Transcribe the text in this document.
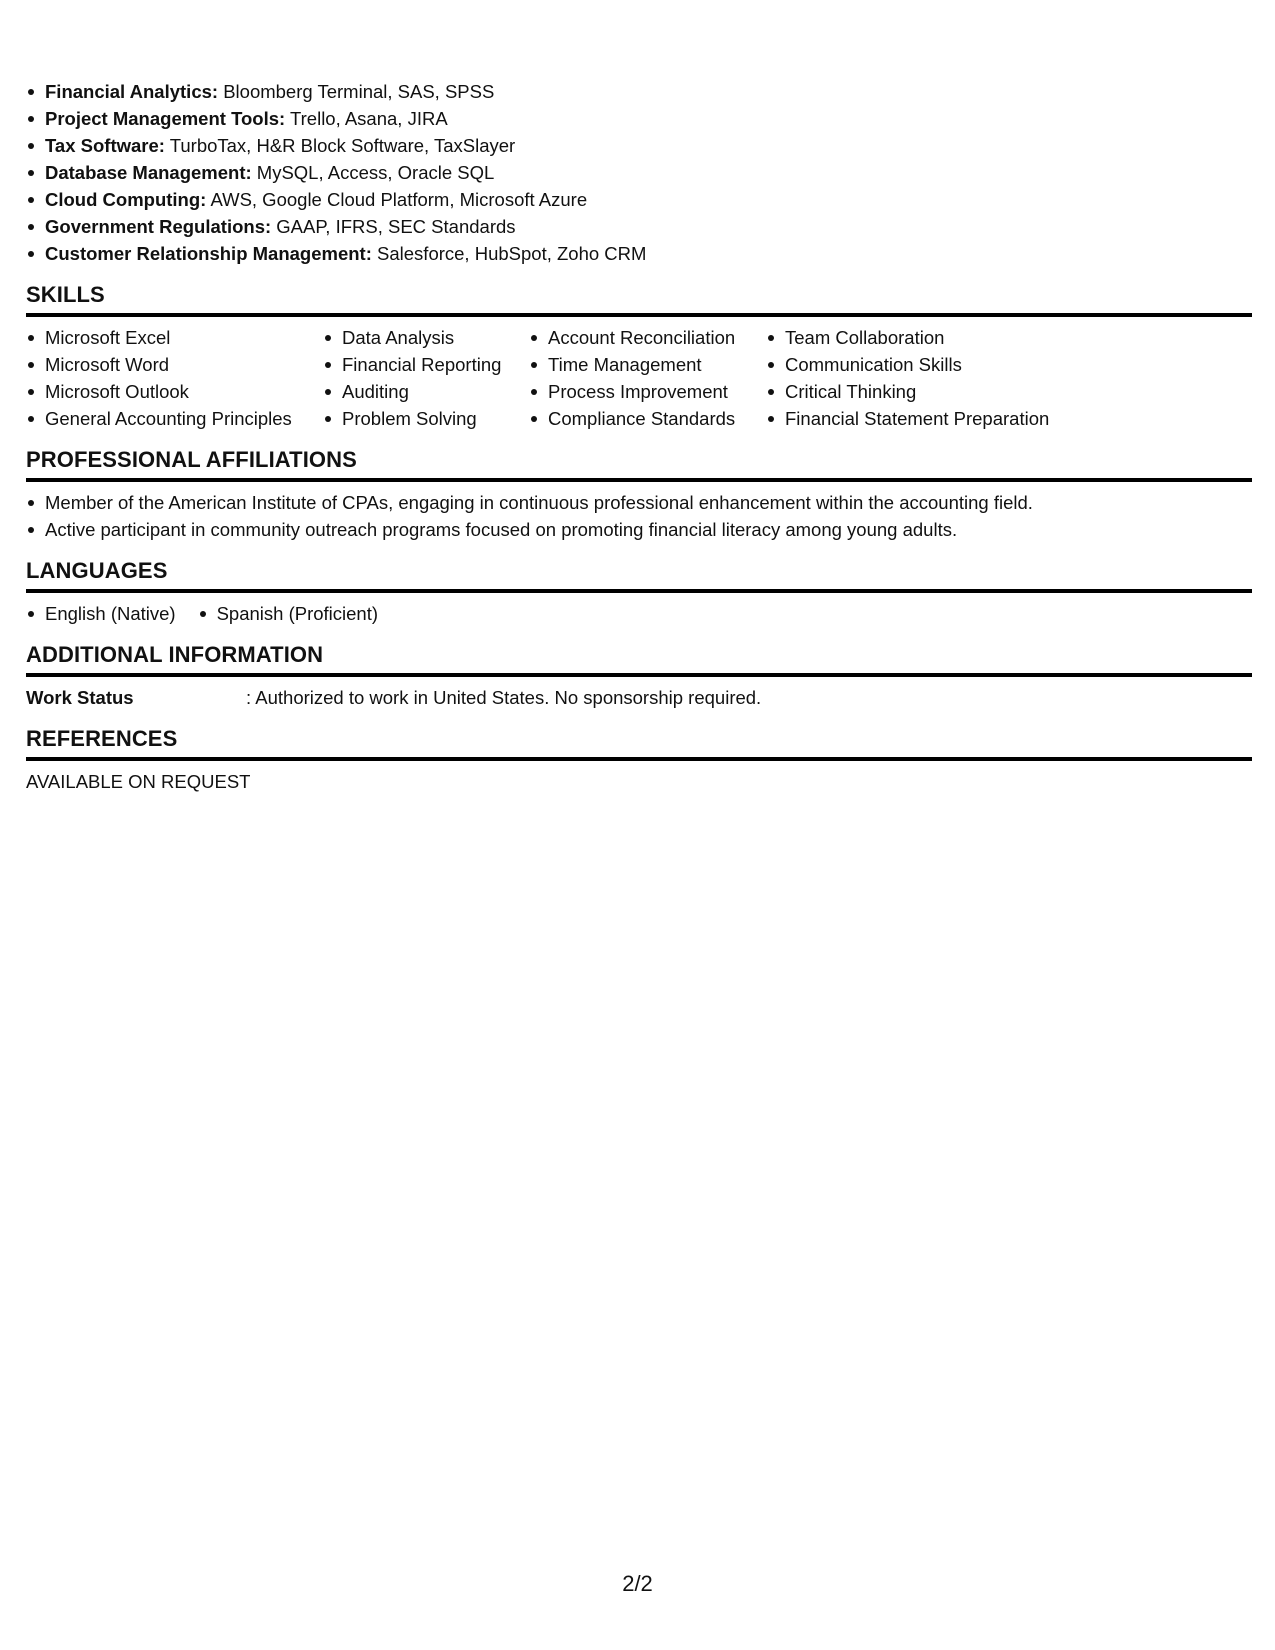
Financial Analytics: Bloomberg Terminal, SAS, SPSS
Project Management Tools: Trello, Asana, JIRA
Tax Software: TurboTax, H&R Block Software, TaxSlayer
Database Management: MySQL, Access, Oracle SQL
Cloud Computing: AWS, Google Cloud Platform, Microsoft Azure
Government Regulations: GAAP, IFRS, SEC Standards
Customer Relationship Management: Salesforce, HubSpot, Zoho CRM
SKILLS
Microsoft Excel
Microsoft Word
Microsoft Outlook
General Accounting Principles
Data Analysis
Financial Reporting
Auditing
Problem Solving
Account Reconciliation
Time Management
Process Improvement
Compliance Standards
Team Collaboration
Communication Skills
Critical Thinking
Financial Statement Preparation
PROFESSIONAL AFFILIATIONS
Member of the American Institute of CPAs, engaging in continuous professional enhancement within the accounting field.
Active participant in community outreach programs focused on promoting financial literacy among young adults.
LANGUAGES
English (Native)	Spanish (Proficient)
ADDITIONAL INFORMATION
Work Status	: Authorized to work in United States. No sponsorship required.
REFERENCES
AVAILABLE ON REQUEST
2/2
